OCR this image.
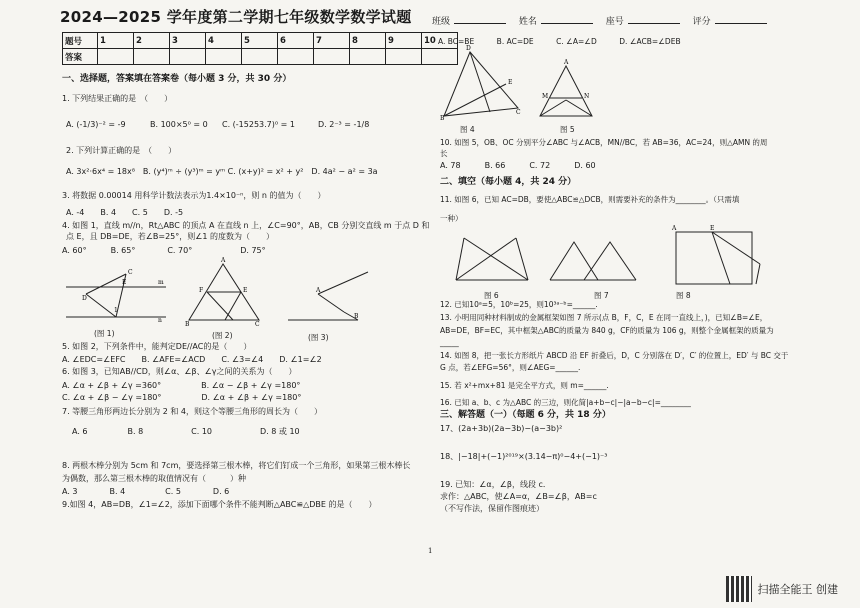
2024—2025 学年度第二学期七年级数学数学试题 班级	姓名	座号	评分
题号	1	2	3	4	5	6	7	8	9	10
答案										
一、选择题，答案填在答案卷（每小题 3 分，共 30 分）
1. 下列结果正确的是　（　　）
A. (-1/3)⁻² = -9	B. 100×5⁰ = 0 C. (-15253.7)⁰ = 1	D. 2⁻³ = -1/8
2. 下列计算正确的是　（　　）
A. 3x²·6x⁴ = 18x⁸　B. (y⁴)ᵐ ÷ (y³)ᵐ = yᵐ C. (x+y)² = x² + y²　D. 4a² − a² = 3a
3. 将数据 0.00014 用科学计数法表示为1.4×10⁻ⁿ，则 n 的值为（　　）
A. -4　　B. 4　　C. 5　　D. -5
4. 如图 1，直线 m//n，Rt△ABC 的顶点 A 在直线 n 上，∠C=90°，AB，CB 分别交直线 m 于点 D 和
点 E，且 DB=DE，若∠B=25°，则∠1 的度数为（　　）
A. 60°　　　B. 65°　　　　C. 70°　　　　　　D. 75°
D
E
C
1
m
n
(图 1)
A
F	E
B	C
(图 2)
A
B
(图 3)
5. 如图 2，下列条件中，能判定DE//AC的是（　　）
A. ∠EDC=∠EFC　　B. ∠AFE=∠ACD　　C. ∠3=∠4　　D. ∠1=∠2
6. 如图 3，已知AB//CD，则∠α、∠β、∠γ之间的关系为（　　）
A. ∠α + ∠β + ∠γ =360°　　　　　B. ∠α − ∠β + ∠γ =180°
C. ∠α + ∠β − ∠γ =180°　　　　　D. ∠α + ∠β + ∠γ =180°
7. 等腰三角形两边长分别为 2 和 4，则这个等腰三角形的周长为（　　）
A. 6　　　　　B. 8　　　　　　C. 10　　　　　　D. 8 或 10
8. 两根木棒分别为 5cm 和 7cm，要选择第三根木棒，将它们钉成一个三角形，如果第三根木棒长
为偶数，那么第三根木棒的取值情况有（　　　）种
A. 3　　　　B. 4　　　　　C. 5　　　　D. 6
9.如图 4，AB=DB，∠1=∠2，添加下面哪个条件不能判断△ABC≌△DBE 的是（　　）
A. BC=BE　　　B. AC=DE　　　C. ∠A=∠D　　　D. ∠ACB=∠DEB
D
E
B
C
图 4
A
M	N
图 5
10. 如图 5，OB、OC 分别平分∠ABC 与∠ACB，MN//BC，若 AB=36，AC=24，则△AMN 的周
长
A. 78　　　B. 66　　　C. 72　　　D. 60
二、填空（每小题 4，共 24 分）
11. 如图 6，已知 AC=DB，要使△ABC≌△DCB，则需要补充的条件为________。（只需填
一种）
图 6	图 7
A	E
图 8
12. 已知10ᵃ=5，10ᵇ=25，则10³ᵃ⁻ᵇ=______.
13. 小明用同种材料制成的金属框架如图 7 所示(点 B，F，C，E 在同一直线上，)，已知∠B=∠E，
AB=DE，BF=EC，其中框架△ABC的质量为 840 g，CF的质量为 106 g，则整个金属框架的质量为
_____
14. 如图 8，把一张长方形纸片 ABCD 沿 EF 折叠后，D，C 分别落在 D′，C′ 的位置上，ED′ 与 BC 交于
G 点，若∠EFG=56°，则∠AEG=______.
15. 若 x²+mx+81 是完全平方式，则 m=______.
16. 已知 a、b、c 为△ABC 的三边，则化简|a+b−c|−|a−b−c|=________
三、解答题（一）（每题 6 分，共 18 分）
17、(2a+3b)(2a−3b)−(a−3b)²
18、|−18|+(−1)²⁰¹⁹×(3.14−π)⁰−4+(−1)⁻³
19. 已知：∠α，∠β，线段 c．
求作：△ABC，使∠A=α，∠B=∠β，AB=c
（不写作法，保留作图痕迹）
1
扫描全能王 创建
